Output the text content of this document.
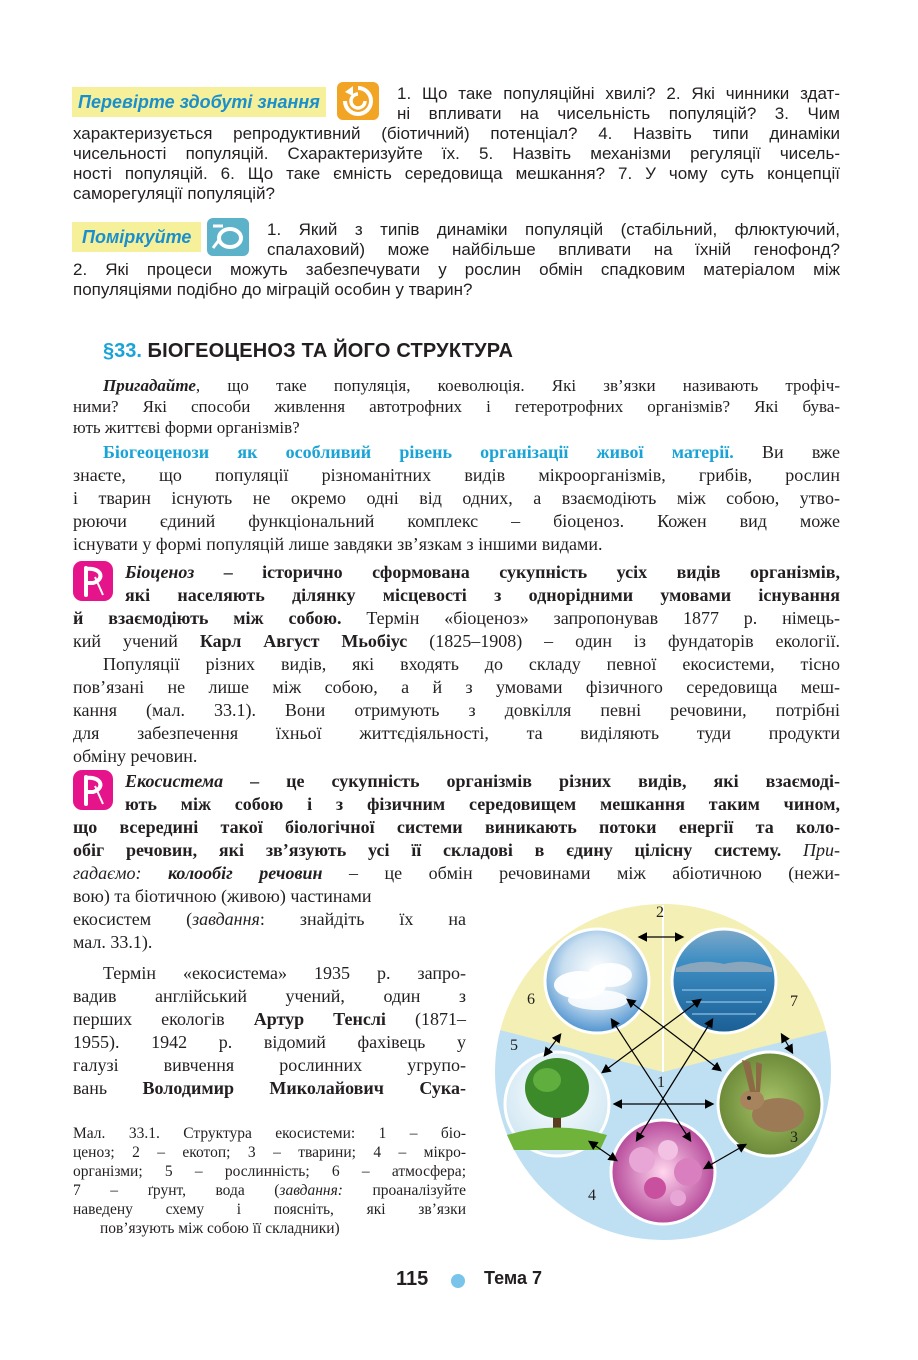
Перевірте здобуті знання	1. Що таке популяційні хвилі? 2. Які чинники здат-
ні впливати на чисельність популяцій? 3. Чим
характеризується репродуктивний (біотичний) потенціал? 4. Назвіть типи динаміки
чисельності популяцій. Схарактеризуйте їх. 5. Назвіть механізми регуляції чисель-
ності популяцій. 6. Що таке ємність середовища мешкання? 7. У чому суть концепції
саморегуляції популяцій?
Поміркуйте	1. Який з типів динаміки популяцій (стабільний, флюктуючий,
спалаховий) може найбільше впливати на їхній генофонд?
2. Які процеси можуть забезпечувати у рослин обмін спадковим матеріалом між
популяціями подібно до міграцій особин у тварин?
§33. БІОГЕОЦЕНОЗ ТА ЙОГО СТРУКТУРА
Пригадайте, що таке популяція, коеволюція. Які зв’язки називають трофіч-
ними? Які способи живлення автотрофних і гетеротрофних організмів? Які бува-
ють життєві форми організмів?
Біогеоценози як особливий рівень організації живої матерії. Ви вже
знаєте, що популяції різноманітних видів мікроорганізмів, грибів, рослин
і тварин існують не окремо одні від одних, а взаємодіють між собою, утво-
рюючи єдиний функціональний комплекс – біоценоз. Кожен вид може
існувати у формі популяцій лише завдяки зв’язкам з іншими видами.
Біоценоз – історично сформована сукупність усіх видів організмів,
які населяють ділянку місцевості з однорідними умовами існування
й взаємодіють між собою. Термін «біоценоз» запропонував 1877 р. німець-
кий учений Карл Август Мьобіус (1825–1908) – один із фундаторів екології.
Популяції різних видів, які входять до складу певної екосистеми, тісно
пов’язані не лише між собою, а й з умовами фізичного середовища меш-
кання (мал. 33.1). Вони отримують з довкілля певні речовини, потрібні
для забезпечення їхньої життєдіяльності, та виділяють туди продукти
обміну речовин.
Екосистема – це сукупність організмів різних видів, які взаємоді-
ють між собою і з фізичним середовищем мешкання таким чином,
що всередині такої біологічної системи виникають потоки енергії та коло-
обіг речовин, які зв’язують усі її складові в єдину цілісну систему. При-
гадаємо: колообіг речовин – це обмін речовинами між абіотичною (нежи-
вою) та біотичною (живою) частинами
екосистем (завдання: знайдіть їх на
мал. 33.1).
Термін «екосистема» 1935 р. запро-
вадив англійський учений, один з
перших екологів Артур Тенслі (1871–
1955). 1942 р. відомий фахівець у
галузі вивчення рослинних угрупо-
вань Володимир Миколайович Сука-
Мал. 33.1. Структура екосистеми: 1 – біо-
ценоз; 2 – екотоп; 3 – тварини; 4 – мікро-
організми; 5 – рослинність; 6 – атмосфера;
7 – ґрунт, вода (завдання: проаналізуйте
наведену схему і поясніть, які зв’язки
пов’язують між собою її складники)
2
6	7
5
1
3
4
115	Тема 7
